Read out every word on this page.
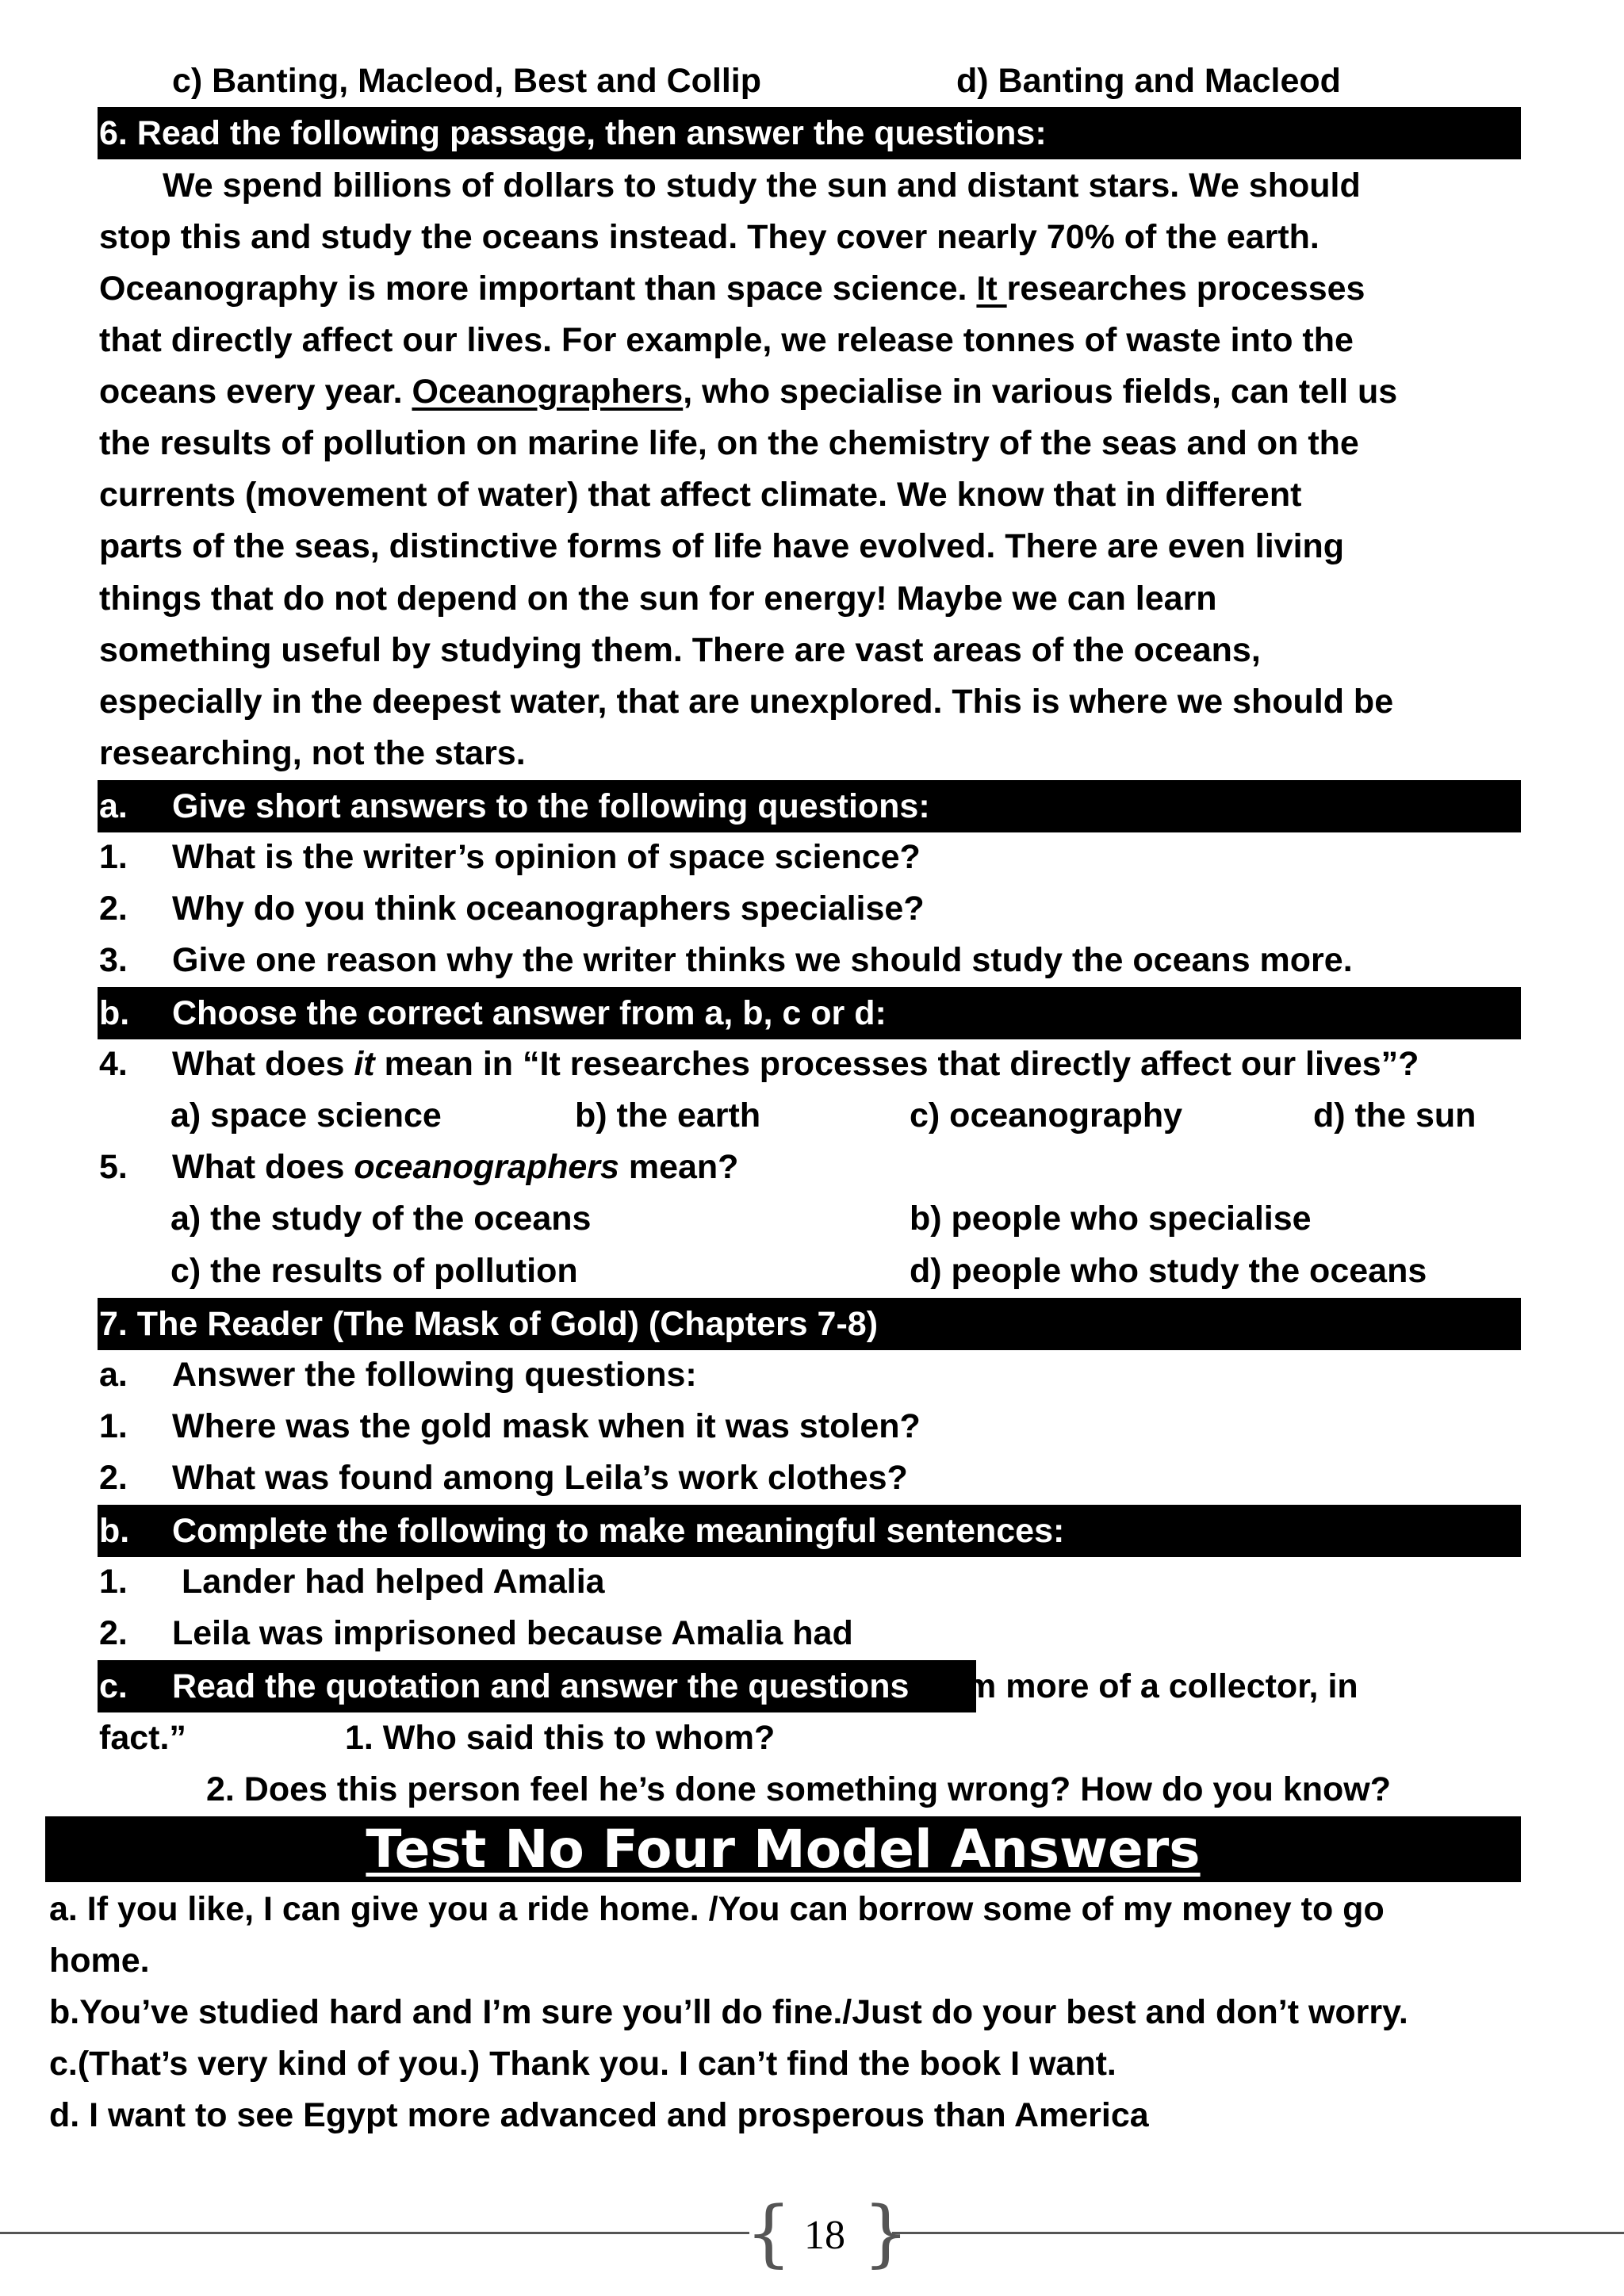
c) Banting, Macleod, Best and Collip	d) Banting and Macleod
6. Read the following passage, then answer the questions:
We spend billions of dollars to study the sun and distant stars. We should
stop this and study the oceans instead. They cover nearly 70% of the earth.
Oceanography is more important than space science. It researches processes
that directly affect our lives. For example, we release tonnes of waste into the
oceans every year. Oceanographers, who specialise in various fields, can tell us
the results of pollution on marine life, on the chemistry of the seas and on the
currents (movement of water) that affect climate. We know that in different
parts of the seas, distinctive forms of life have evolved. There are even living
things that do not depend on the sun for energy! Maybe we can learn
something useful by studying them. There are vast areas of the oceans,
especially in the deepest water, that are unexplored. This is where we should be
researching, not the stars.
a. Give short answers to the following questions:
1. What is the writer’s opinion of space science?
2. Why do you think oceanographers specialise?
3. Give one reason why the writer thinks we should study the oceans more.
b. Choose the correct answer from a, b, c or d:
4. What does it mean in “It researches processes that directly affect our lives”?
a) space science	b) the earth	c) oceanography	d) the sun
5. What does oceanographers mean?
a) the study of the oceans	b) people who specialise
c) the results of pollution	d) people who study the oceans
7. The Reader (The Mask of Gold) (Chapters 7-8)
a. Answer the following questions:
1. Where was the gold mask when it was stolen?
2. What was found among Leila’s work clothes?
b. Complete the following to make meaningful sentences:
1. Lander had helped Amalia
2. Leila was imprisoned because Amalia had
c. Read the quotation and answer the questions: “I’m more of a collector, in
fact.”	1. Who said this to whom?
2. Does this person feel he’s done something wrong? How do you know?
Test No Four Model Answers
a. If you like, I can give you a ride home. /You can borrow some of my money to go
home.
b.You’ve studied hard and I’m sure you’ll do fine./Just do your best and don’t worry.
c.(That’s very kind of you.) Thank you. I can’t find the book I want.
d. I want to see Egypt more advanced and prosperous than America
{ }
18
